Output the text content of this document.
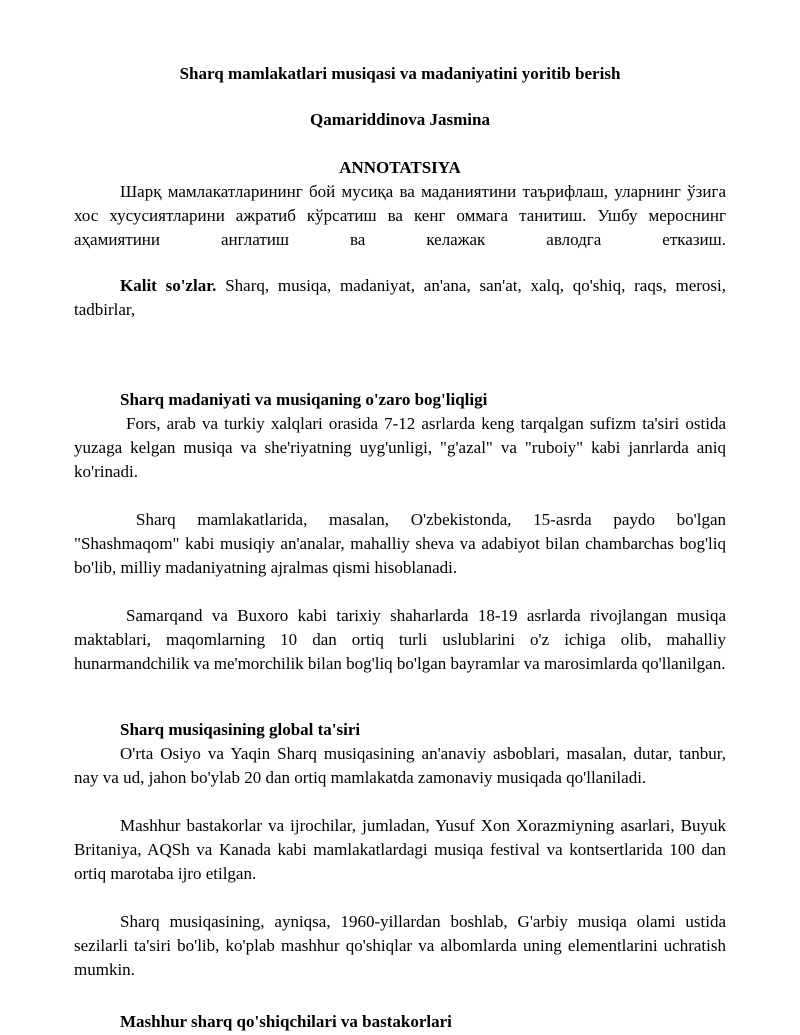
Sharq mamlakatlari musiqasi va madaniyatini yoritib berish
Qamariddinova Jasmina
ANNOTATSIYA

Шарқ мамлакатларининг бой мусиқа ва маданиятини таърифлаш, уларнинг ўзига хос хусусиятларини ажратиб кўрсатиш ва кенг оммага танитиш. Ушбу мероснинг аҳамиятини англатиш ва келажак авлодга етказиш.

Kalit so'zlar. Sharq, musiqa, madaniyat, an'ana, san'at, xalq, qo'shiq, raqs, merosi, tadbirlar,

Sharq madaniyati va musiqaning o'zaro bog'liqligi

Fors, arab va turkiy xalqlari orasida 7-12 asrlarda keng tarqalgan sufizm ta'siri ostida yuzaga kelgan musiqa va she'riyatning uyg'unligi, "g'azal" va "ruboiy" kabi janrlarda aniq ko'rinadi.

Sharq mamlakatlarida, masalan, O'zbekistonda, 15-asrda paydo bo'lgan "Shashmaqom" kabi musiqiy an'analar, mahalliy sheva va adabiyot bilan chambarchas bog'liq bo'lib, milliy madaniyatning ajralmas qismi hisoblanadi.

Samarqand va Buxoro kabi tarixiy shaharlarda 18-19 asrlarda rivojlangan musiqa maktablari, maqomlarning 10 dan ortiq turli uslublarini o'z ichiga olib, mahalliy hunarmandchilik va me'morchilik bilan bog'liq bo'lgan bayramlar va marosimlarda qo'llanilgan.

Sharq musiqasining global ta'siri

O'rta Osiyo va Yaqin Sharq musiqasining an'anaviy asboblari, masalan, dutar, tanbur, nay va ud, jahon bo'ylab 20 dan ortiq mamlakatda zamonaviy musiqada qo'llaniladi.

Mashhur bastakorlar va ijrochilar, jumladan, Yusuf Xon Xorazmiyning asarlari, Buyuk Britaniya, AQSh va Kanada kabi mamlakatlardagi musiqa festival va kontsertlarida 100 dan ortiq marotaba ijro etilgan.

Sharq musiqasining, ayniqsa, 1960-yillardan boshlab, G'arbiy musiqa olami ustida sezilarli ta'siri bo'lib, ko'plab mashhur qo'shiqlar va albomlarda uning elementlarini uchratish mumkin.

Mashhur sharq qo'shiqchilari va bastakorlari
